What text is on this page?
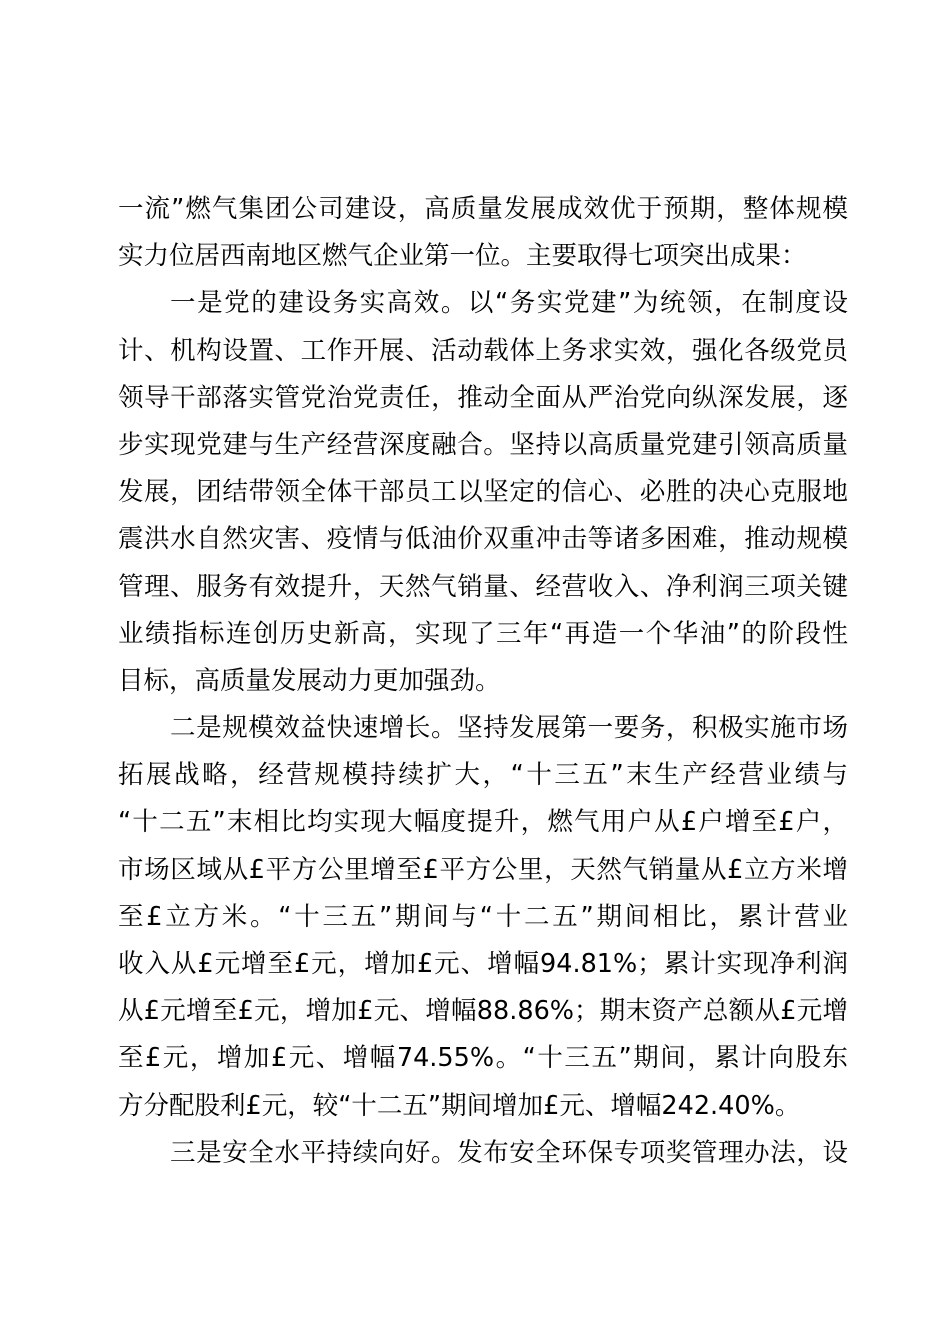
一流”燃气集团公司建设，高质量发展成效优于预期，整体规模
实力位居西南地区燃气企业第一位。主要取得七项突出成果：
一是党的建设务实高效。以“务实党建”为统领，在制度设
计、机构设置、工作开展、活动载体上务求实效，强化各级党员
领导干部落实管党治党责任，推动全面从严治党向纵深发展，逐
步实现党建与生产经营深度融合。坚持以高质量党建引领高质量
发展，团结带领全体干部员工以坚定的信心、必胜的决心克服地
震洪水自然灾害、疫情与低油价双重冲击等诸多困难，推动规模
管理、服务有效提升，天然气销量、经营收入、净利润三项关键
业绩指标连创历史新高，实现了三年“再造一个华油”的阶段性
目标，高质量发展动力更加强劲。
二是规模效益快速增长。坚持发展第一要务，积极实施市场
拓展战略，经营规模持续扩大，“十三五”末生产经营业绩与
“十二五”末相比均实现大幅度提升，燃气用户从£户增至£户，
市场区域从£平方公里增至£平方公里，天然气销量从£立方米增
至£立方米。“十三五”期间与“十二五”期间相比，累计营业
收入从£元增至£元，增加£元、增幅94.81%；累计实现净利润
从£元增至£元，增加£元、增幅88.86%；期末资产总额从£元增
至£元，增加£元、增幅74.55%。“十三五”期间，累计向股东
方分配股利£元，较“十二五”期间增加£元、增幅242.40%。
三是安全水平持续向好。发布安全环保专项奖管理办法，设
